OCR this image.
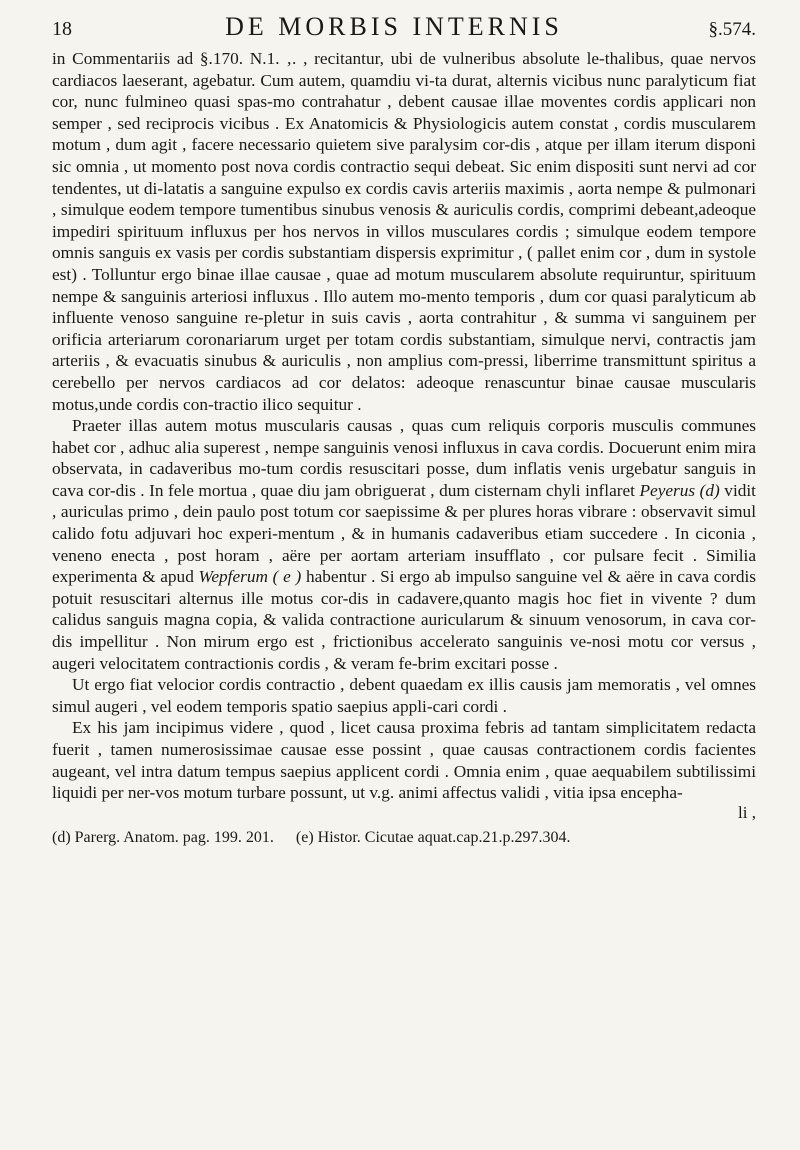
18	DE MORBIS INTERNIS	§.574.

in Commentariis ad §.170. N.1. ‚. , recitantur, ubi de vulneribus absolute le-thalibus, quae nervos cardiacos laeserant, agebatur. Cum autem, quamdiu vi-ta durat, alternis vicibus nunc paralyticum fiat cor, nunc fulmineo quasi spas-mo contrahatur , debent causae illae moventes cordis applicari non semper , sed reciprocis vicibus . Ex Anatomicis & Physiologicis autem constat , cordis muscularem motum , dum agit , facere necessario quietem sive paralysim cor-dis , atque per illam iterum disponi sic omnia , ut momento post nova cordis contractio sequi debeat. Sic enim dispositi sunt nervi ad cor tendentes, ut di-latatis a sanguine expulso ex cordis cavis arteriis maximis , aorta nempe & pulmonari , simulque eodem tempore tumentibus sinubus venosis & auriculis cordis, comprimi debeant,adeoque impediri spirituum influxus per hos nervos in villos musculares cordis ; simulque eodem tempore omnis sanguis ex vasis per cordis substantiam dispersis exprimitur , ( pallet enim cor , dum in systole est) . Tolluntur ergo binae illae causae , quae ad motum muscularem absolute requiruntur, spirituum nempe & sanguinis arteriosi influxus . Illo autem mo-mento temporis , dum cor quasi paralyticum ab influente venoso sanguine re-pletur in suis cavis , aorta contrahitur , & summa vi sanguinem per orificia arteriarum coronariarum urget per totam cordis substantiam, simulque nervi, contractis jam arteriis , & evacuatis sinubus & auriculis , non amplius com-pressi, liberrime transmittunt spiritus a cerebello per nervos cardiacos ad cor delatos: adeoque renascuntur binae causae muscularis motus,unde cordis con-tractio ilico sequitur .

Praeter illas autem motus muscularis causas , quas cum reliquis corporis musculis communes habet cor , adhuc alia superest , nempe sanguinis venosi influxus in cava cordis. Docuerunt enim mira observata, in cadaveribus mo-tum cordis resuscitari posse, dum inflatis venis urgebatur sanguis in cava cor-dis . In fele mortua , quae diu jam obriguerat , dum cisternam chyli inflaret Peyerus (d) vidit , auriculas primo , dein paulo post totum cor saepissime & per plures horas vibrare : observavit simul calido fotu adjuvari hoc experi-mentum , & in humanis cadaveribus etiam succedere . In ciconia , veneno enecta , post horam , aëre per aortam arteriam insufflato , cor pulsare fecit . Similia experimenta & apud Wepferum ( e ) habentur . Si ergo ab impulso sanguine vel & aëre in cava cordis potuit resuscitari alternus ille motus cor-dis in cadavere,quanto magis hoc fiet in vivente ? dum calidus sanguis magna copia, & valida contractione auricularum & sinuum venosorum, in cava cor-dis impellitur . Non mirum ergo est , frictionibus accelerato sanguinis ve-nosi motu cor versus , augeri velocitatem contractionis cordis , & veram fe-brim excitari posse .

Ut ergo fiat velocior cordis contractio , debent quaedam ex illis causis jam memoratis , vel omnes simul augeri , vel eodem temporis spatio saepius appli-cari cordi .

Ex his jam incipimus videre , quod , licet causa proxima febris ad tantam simplicitatem redacta fuerit , tamen numerosissimae causae esse possint , quae causas contractionem cordis facientes augeant, vel intra datum tempus saepius applicent cordi . Omnia enim , quae aequabilem subtilissimi liquidi per ner-vos motum turbare possunt, ut v.g. animi affectus validi , vitia ipsa encepha-

li ,
(d) Parerg. Anatom. pag. 199. 201. (e) Histor. Cicutae aquat.cap.21.p.297.304.
